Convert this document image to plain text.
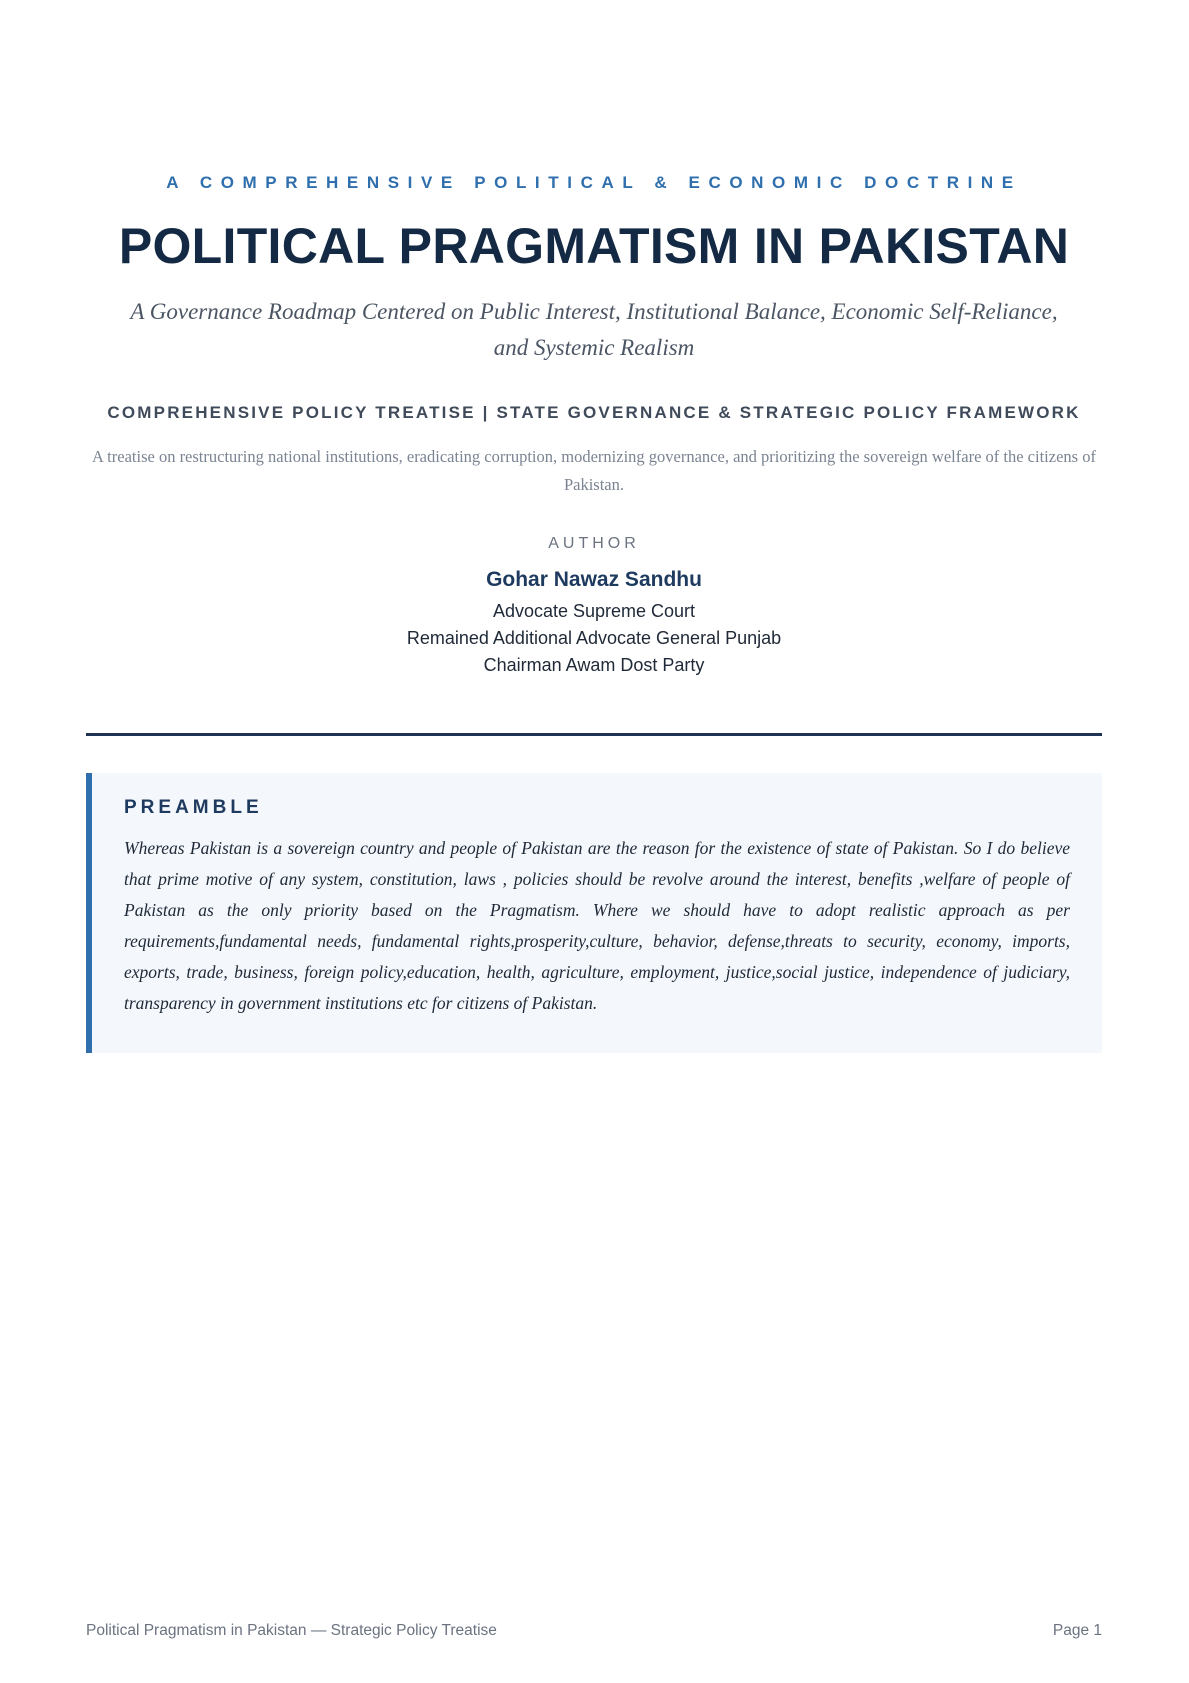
A COMPREHENSIVE POLITICAL & ECONOMIC DOCTRINE
POLITICAL PRAGMATISM IN PAKISTAN
A Governance Roadmap Centered on Public Interest, Institutional Balance, Economic Self-Reliance, and Systemic Realism
COMPREHENSIVE POLICY TREATISE | STATE GOVERNANCE & STRATEGIC POLICY FRAMEWORK
A treatise on restructuring national institutions, eradicating corruption, modernizing governance, and prioritizing the sovereign welfare of the citizens of Pakistan.
AUTHOR
Gohar Nawaz Sandhu
Advocate Supreme Court
Remained Additional Advocate General Punjab
Chairman Awam Dost Party
PREAMBLE

Whereas Pakistan is a sovereign country and people of Pakistan are the reason for the existence of state of Pakistan. So I do believe that prime motive of any system, constitution, laws , policies should be revolve around the interest, benefits ,welfare of people of Pakistan as the only priority based on the Pragmatism. Where we should have to adopt realistic approach as per requirements,fundamental needs, fundamental rights,prosperity,culture, behavior, defense,threats to security, economy, imports, exports, trade, business, foreign policy,education, health, agriculture, employment, justice,social justice, independence of judiciary, transparency in government institutions etc for citizens of Pakistan.

Political Pragmatism in Pakistan — Strategic Policy Treatise	Page 1
